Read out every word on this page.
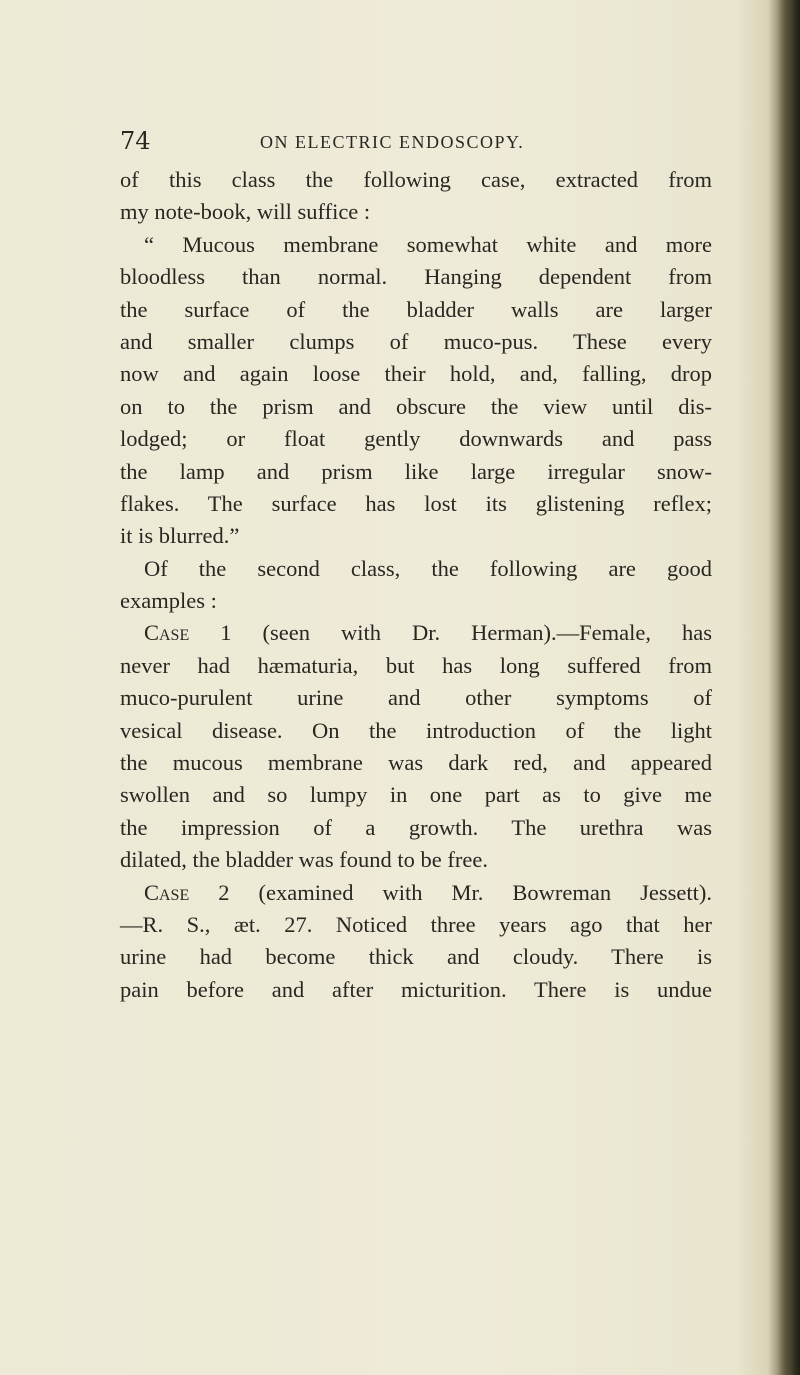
74	ON ELECTRIC ENDOSCOPY.
of this class the following case, extracted from
my note-book, will suffice :
“ Mucous membrane somewhat white and more
bloodless than normal. Hanging dependent from
the surface of the bladder walls are larger
and smaller clumps of muco-pus. These every
now and again loose their hold, and, falling, drop
on to the prism and obscure the view until dis-
lodged; or float gently downwards and pass
the lamp and prism like large irregular snow-
flakes. The surface has lost its glistening reflex;
it is blurred.”
Of the second class, the following are good
examples :
Case 1 (seen with Dr. Herman).—Female, has
never had hæmaturia, but has long suffered from
muco-purulent urine and other symptoms of
vesical disease. On the introduction of the light
the mucous membrane was dark red, and appeared
swollen and so lumpy in one part as to give me
the impression of a growth. The urethra was
dilated, the bladder was found to be free.
Case 2 (examined with Mr. Bowreman Jessett).
—R. S., æt. 27. Noticed three years ago that her
urine had become thick and cloudy. There is
pain before and after micturition. There is undue
